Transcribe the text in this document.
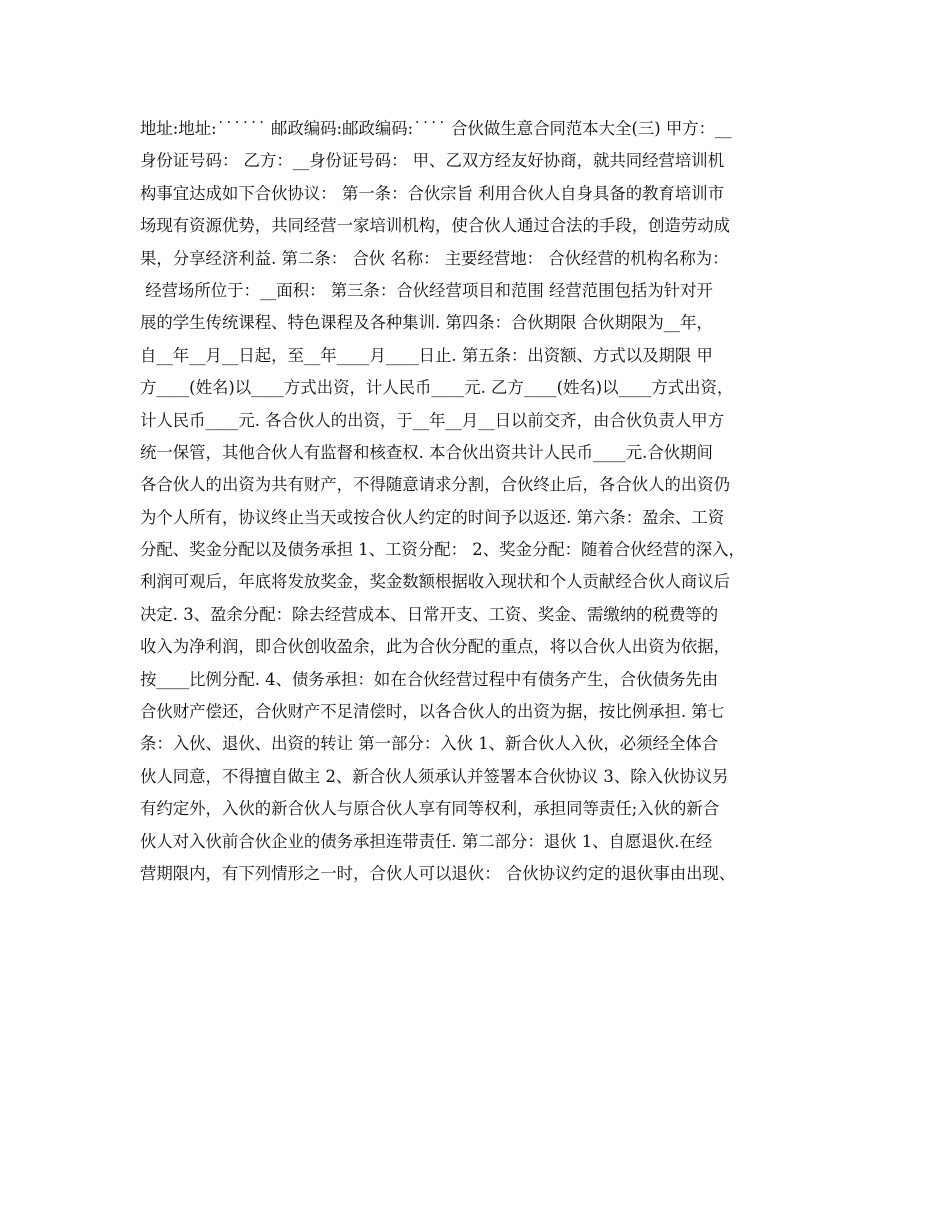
地址:地址:˙˙˙˙˙˙ 邮政编码:邮政编码:˙˙˙˙ 合伙做生意合同范本大全(三) 甲方：__
身份证号码： 乙方：__身份证号码： 甲、乙双方经友好协商，就共同经营培训机
构事宜达成如下合伙协议： 第一条：合伙宗旨 利用合伙人自身具备的教育培训市
场现有资源优势，共同经营一家培训机构，使合伙人通过合法的手段，创造劳动成
果，分享经济利益. 第二条： 合伙 名称： 主要经营地： 合伙经营的机构名称为：
经营场所位于：__面积： 第三条：合伙经营项目和范围 经营范围包括为针对开
展的学生传统课程、特色课程及各种集训. 第四条：合伙期限 合伙期限为__年，
自__年__月__日起，至__年____月____日止. 第五条：出资额、方式以及期限 甲
方____(姓名)以____方式出资，计人民币____元. 乙方____(姓名)以____方式出资，
计人民币____元. 各合伙人的出资，于__年__月__日以前交齐，由合伙负责人甲方
统一保管，其他合伙人有监督和核查权. 本合伙出资共计人民币____元.合伙期间
各合伙人的出资为共有财产，不得随意请求分割，合伙终止后，各合伙人的出资仍
为个人所有，协议终止当天或按合伙人约定的时间予以返还. 第六条：盈余、工资
分配、奖金分配以及债务承担 1、工资分配： 2、奖金分配：随着合伙经营的深入，
利润可观后，年底将发放奖金，奖金数额根据收入现状和个人贡献经合伙人商议后
决定. 3、盈余分配：除去经营成本、日常开支、工资、奖金、需缴纳的税费等的
收入为净利润，即合伙创收盈余，此为合伙分配的重点，将以合伙人出资为依据，
按____比例分配. 4、债务承担：如在合伙经营过程中有债务产生，合伙债务先由
合伙财产偿还，合伙财产不足清偿时，以各合伙人的出资为据，按比例承担. 第七
条：入伙、退伙、出资的转让 第一部分：入伙 1、新合伙人入伙，必须经全体合
伙人同意，不得擅自做主 2、新合伙人须承认并签署本合伙协议 3、除入伙协议另
有约定外，入伙的新合伙人与原合伙人享有同等权利，承担同等责任;入伙的新合
伙人对入伙前合伙企业的债务承担连带责任. 第二部分：退伙 1、自愿退伙.在经
营期限内，有下列情形之一时，合伙人可以退伙： 合伙协议约定的退伙事由出现、
